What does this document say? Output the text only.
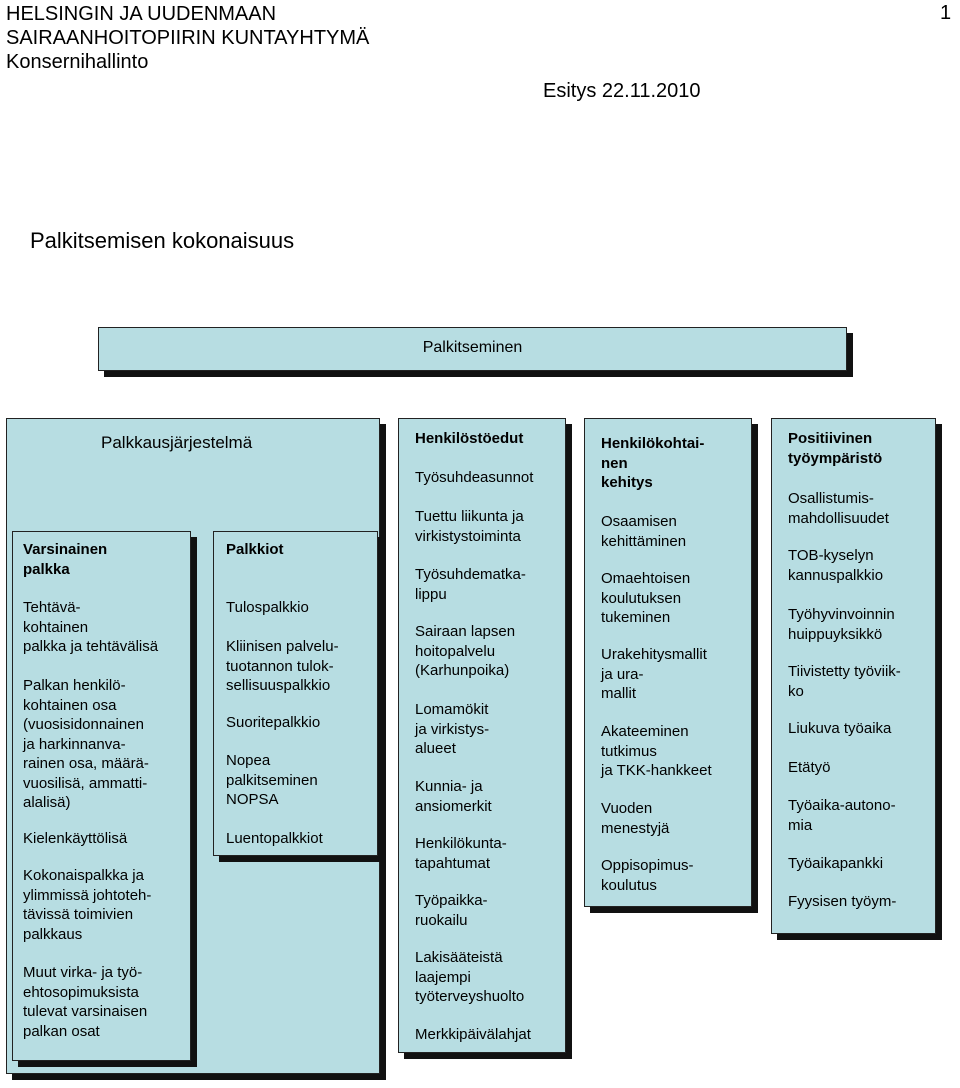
HELSINGIN JA UUDENMAAN
SAIRAANHOITOPIIRIN KUNTAYHTYMÄ
Konsernihallinto
1
Esitys 22.11.2010
Palkitsemisen kokonaisuus
Palkitseminen
Palkkausjärjestelmä
Varsinainen
palkka
Tehtävä-
kohtainen
palkka ja tehtävälisä
Palkan henkilö-
kohtainen osa
(vuosisidonnainen
ja harkinnanva-
rainen osa, määrä-
vuosilisä, ammatti-
alalisä)
Kielenkäyttölisä
Kokonaispalkka ja
ylimmissä johtoteh-
tävissä toimivien
palkkaus
Muut virka- ja työ-
ehtosopimuksista
tulevat varsinaisen
palkan osat
Palkkiot
Tulospalkkio
Kliinisen palvelu-
tuotannon tulok-
sellisuuspalkkio
Suoritepalkkio
Nopea
palkitseminen
NOPSA
Luentopalkkiot
Henkilöstöedut
Työsuhdeasunnot
Tuettu liikunta ja
virkistystoiminta
Työsuhdematka-
lippu
Sairaan lapsen
hoitopalvelu
(Karhunpoika)
Lomamökit
ja virkistys-
alueet
Kunnia- ja
ansiomerkit
Henkilökunta-
tapahtumat
Työpaikka-
ruokailu
Lakisääteistä
laajempi
työterveyshuolto
Merkkipäivälahjat
Henkilökohtai-
nen
kehitys
Osaamisen
kehittäminen
Omaehtoisen
koulutuksen
tukeminen
Urakehitysmallit
ja ura-
mallit
Akateeminen
tutkimus
ja TKK-hankkeet
Vuoden
menestyjä
Oppisopimus-
koulutus
Positiivinen
työympäristö
Osallistumis-
mahdollisuudet
TOB-kyselyn
kannuspalkkio
Työhyvinvoinnin
huippuyksikkö
Tiivistetty työviik-
ko
Liukuva työaika
Etätyö
Työaika-autono-
mia
Työaikapankki
Fyysisen työym-
